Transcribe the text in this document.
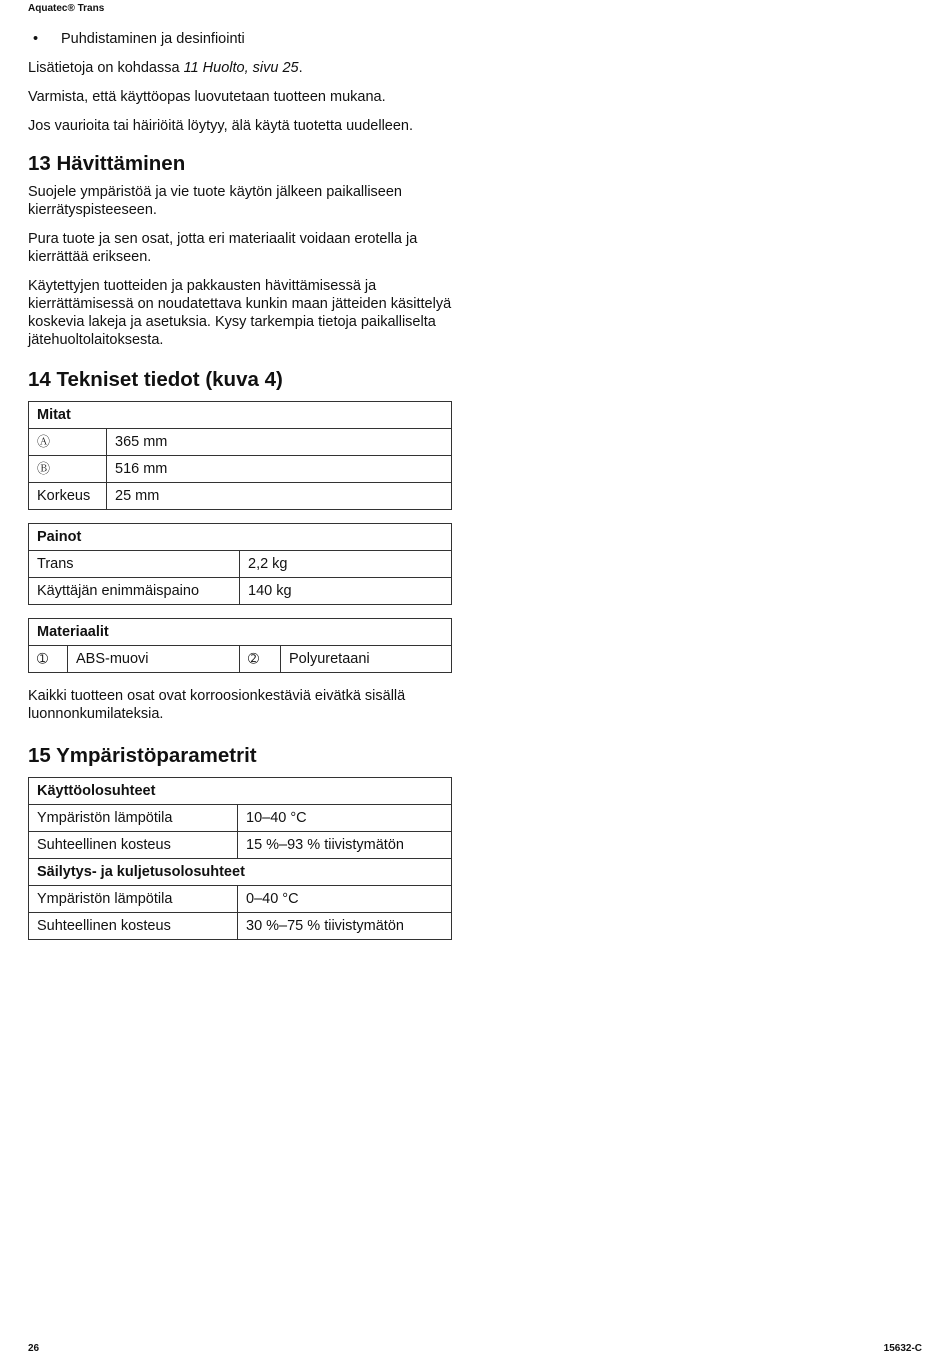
Aquatec® Trans
•	Puhdistaminen ja desinfiointi

Lisätietoja on kohdassa 11 Huolto, sivu 25.

Varmista, että käyttöopas luovutetaan tuotteen mukana.

Jos vaurioita tai häiriöitä löytyy, älä käytä tuotetta uudelleen.

13 Hävittäminen

Suojele ympäristöä ja vie tuote käytön jälkeen paikalliseen kierrätyspisteeseen.

Pura tuote ja sen osat, jotta eri materiaalit voidaan erotella ja kierrättää erikseen.

Käytettyjen tuotteiden ja pakkausten hävittämisessä ja kierrättämisessä on noudatettava kunkin maan jätteiden käsittelyä koskevia lakeja ja asetuksia. Kysy tarkempia tietoja paikalliselta jätehuoltolaitoksesta.

14 Tekniset tiedot (kuva 4)
Mitat	
Ⓐ	365 mm
Ⓑ	516 mm
Korkeus	25 mm
Painot	
Trans	2,2 kg
Käyttäjän enimmäispaino	140 kg
Materiaalit
➀	ABS-muovi	➁	Polyuretaani

Kaikki tuotteen osat ovat korroosionkestäviä eivätkä sisällä luonnonkumilateksia.

15 Ympäristöparametrit
Käyttöolosuhteet	
Ympäristön lämpötila	10–40 °C
Suhteellinen kosteus	15 %–93 % tiivistymätön
Säilytys- ja kuljetusolosuhteet	
Ympäristön lämpötila	0–40 °C
Suhteellinen kosteus	30 %–75 % tiivistymätön
26	15632-C
